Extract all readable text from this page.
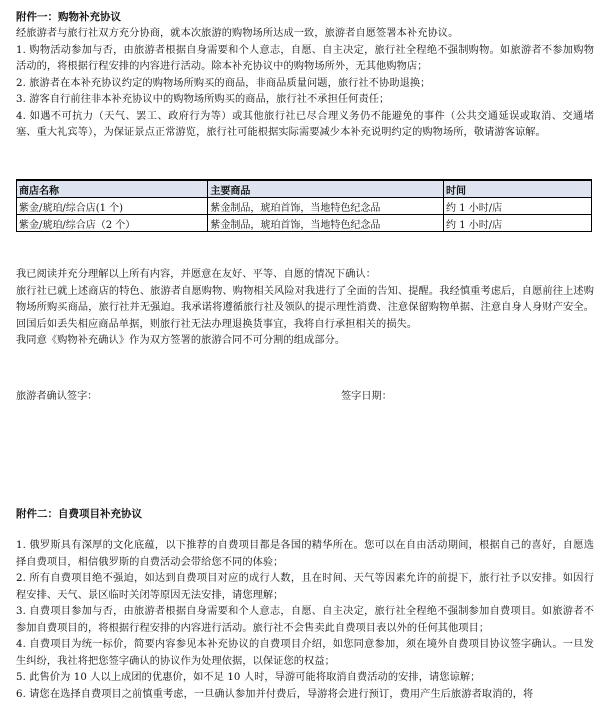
附件一：购物补充协议

经旅游者与旅行社双方充分协商，就本次旅游的购物场所达成一致，旅游者自愿签署本补充协议。

1. 购物活动参加与否，由旅游者根据自身需要和个人意志，自愿、自主决定，旅行社全程绝不强制购物。如旅游者不参加购物活动的，将根据行程安排的内容进行活动。除本补充协议中的购物场所外，无其他购物店；

2. 旅游者在本补充协议约定的购物场所购买的商品，非商品质量问题，旅行社不协助退换；

3. 游客自行前往非本补充协议中的购物场所购买的商品，旅行社不承担任何责任；

4. 如遇不可抗力（天气、罢工、政府行为等）或其他旅行社已尽合理义务仍不能避免的事件（公共交通延误或取消、交通堵塞、重大礼宾等），为保证景点正常游览，旅行社可能根据实际需要减少本补充说明约定的购物场所，敬请游客谅解。

商店名称	主要商品	时间
紫金/琥珀/综合店(1 个)	紫金制品，琥珀首饰，当地特色纪念品	约 1 小时/店
紫金/琥珀/综合店（2 个）	紫金制品，琥珀首饰，当地特色纪念品	约 1 小时/店

我已阅读并充分理解以上所有内容，并愿意在友好、平等、自愿的情况下确认：

旅行社已就上述商店的特色、旅游者自愿购物、购物相关风险对我进行了全面的告知、提醒。我经慎重考虑后，自愿前往上述购物场所购买商品，旅行社并无强迫。我承诺将遵循旅行社及领队的提示理性消费、注意保留购物单据、注意自身人身财产安全。回国后如丢失相应商品单据，则旅行社无法办理退换货事宜，我将自行承担相关的损失。

我同意《购物补充确认》作为双方签署的旅游合同不可分割的组成部分。

旅游者确认签字：	签字日期：
附件二：自费项目补充协议

1. 俄罗斯具有深厚的文化底蕴，以下推荐的自费项目都是各国的精华所在。您可以在自由活动期间，根据自己的喜好，自愿选择自费项目，相信俄罗斯的自费活动会带给您不同的体验；

2. 所有自费项目绝不强迫，如达到自费项目对应的成行人数，且在时间、天气等因素允许的前提下，旅行社予以安排。如因行程安排、天气、景区临时关闭等原因无法安排，请您理解；

3. 自费项目参加与否，由旅游者根据自身需要和个人意志，自愿、自主决定，旅行社全程绝不强制参加自费项目。如旅游者不参加自费项目的，将根据行程安排的内容进行活动。旅行社不会售卖此自费项目表以外的任何其他项目；

4. 自费项目为统一标价，简要内容参见本补充协议的自费项目介绍，如您同意参加，须在境外自费项目协议签字确认。一旦发生纠纷，我社将把您签字确认的协议作为处理依据，以保证您的权益；

5. 此售价为 10 人以上成团的优惠价，如不足 10 人时，导游可能将取消自费活动的安排，请您谅解；

6. 请您在选择自费项目之前慎重考虑，一旦确认参加并付费后，导游将会进行预订，费用产生后旅游者取消的，将
